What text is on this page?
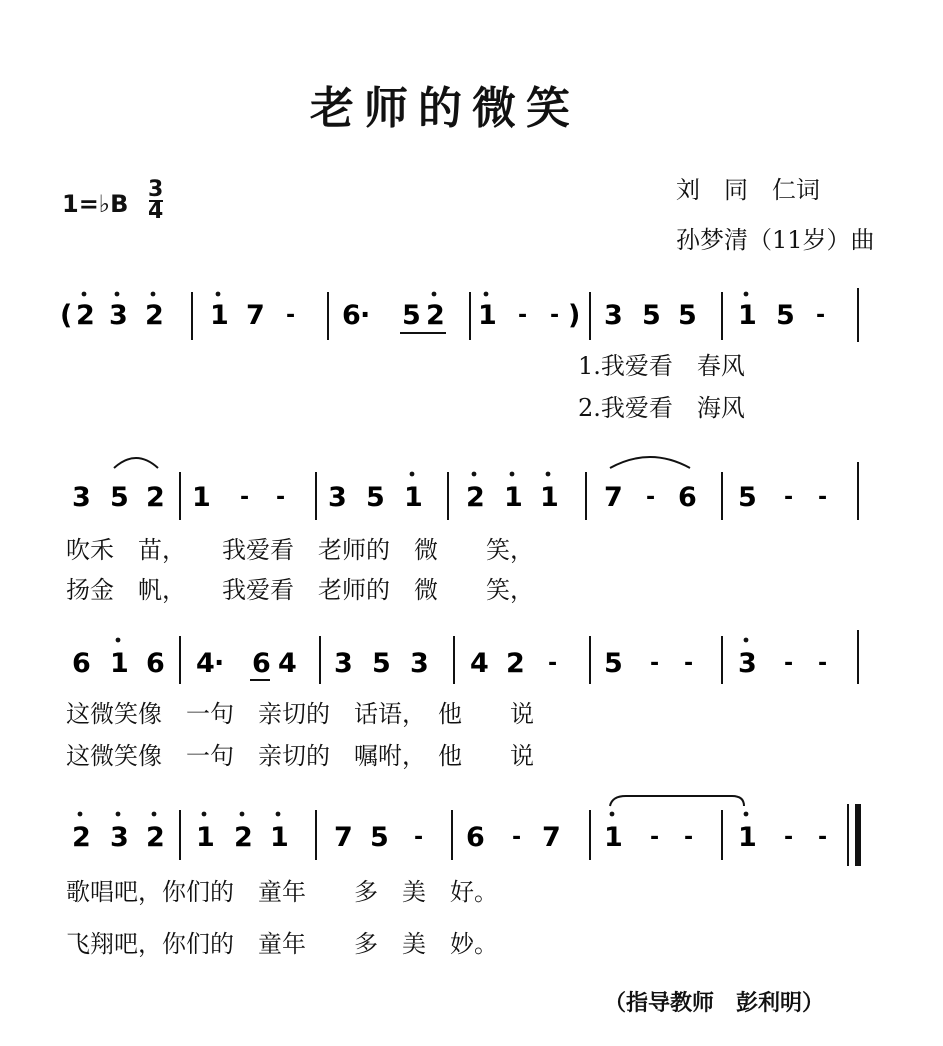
老师的微笑
1=♭B
3
4
刘　同　仁词
孙梦清（11岁）曲
( 2 3 2 1 7 - 6 · 5 2 1 - - ) 3 5 5 1 5 -
3 5 2 1 - - 3 5 1 2 1 1 7 - 6 5 - -
6 1 6 4 · 6 4 3 5 3 4 2 - 5 - - 3 - -
2 3 2 1 2 1 7 5 - 6 - 7 1 - - 1 - -
1.我爱看　春风
2.我爱看　海风
吹禾　苗，　　我爱看　老师的　微　　笑，
扬金　帆，　　我爱看　老师的　微　　笑，
这微笑像　一句　亲切的　话语，　他　　说
这微笑像　一句　亲切的　嘱咐，　他　　说
歌唱吧，你们的　童年　　多　美　好。
飞翔吧，你们的　童年　　多　美　妙。
（指导教师　彭利明）
